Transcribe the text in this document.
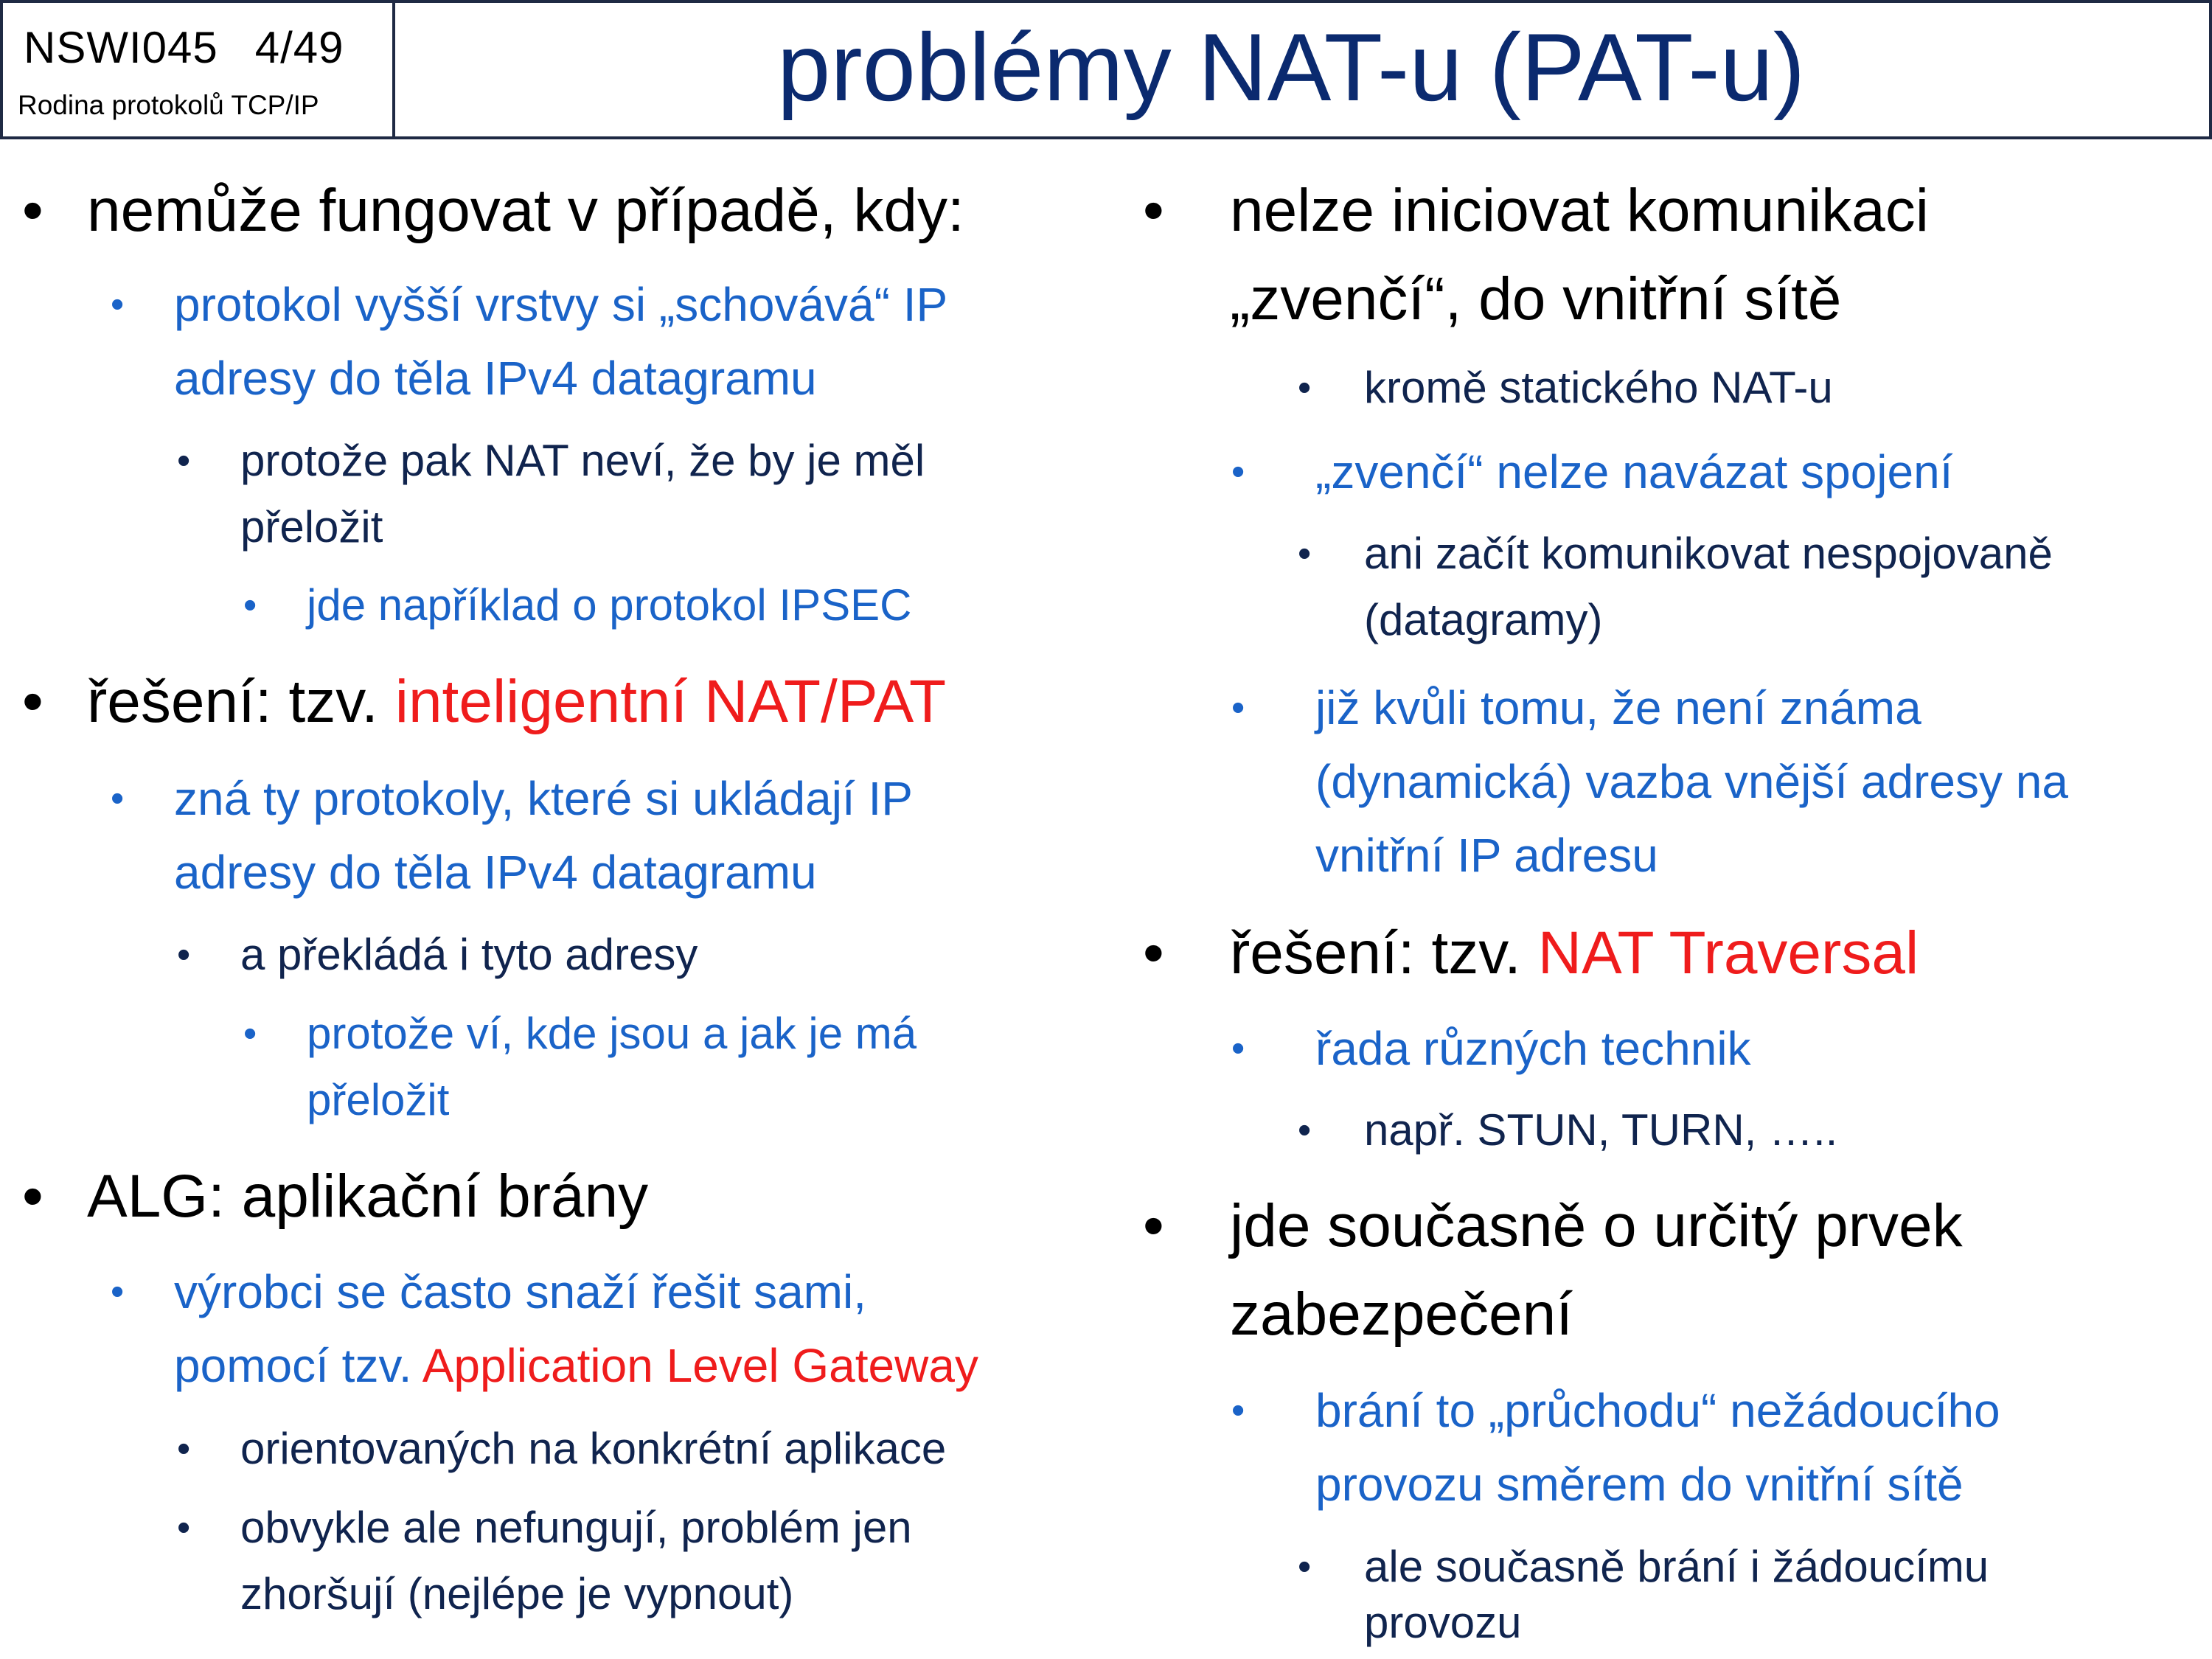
NSWI045 4/49
Rodina protokolů TCP/IP	problémy NAT-u (PAT-u)
• nemůže fungovat v případě, kdy:
• protokol vyšší vrstvy si „schovává“ IP
adresy do těla IPv4 datagramu
• protože pak NAT neví, že by je měl
přeložit
• jde například o protokol IPSEC
• řešení: tzv. inteligentní NAT/PAT
• zná ty protokoly, které si ukládají IP
adresy do těla IPv4 datagramu
• a překládá i tyto adresy
• protože ví, kde jsou a jak je má
přeložit
• ALG: aplikační brány
• výrobci se často snaží řešit sami,
pomocí tzv. Application Level Gateway
• orientovaných na konkrétní aplikace
• obvykle ale nefungují, problém jen
zhoršují (nejlépe je vypnout)
• nelze iniciovat komunikaci
„zvenčí“, do vnitřní sítě
• kromě statického NAT-u
• „zvenčí“ nelze navázat spojení
• ani začít komunikovat nespojovaně
(datagramy)
• již kvůli tomu, že není známa
(dynamická) vazba vnější adresy na
vnitřní IP adresu
• řešení: tzv. NAT Traversal
• řada různých technik
• např. STUN, TURN, …..
• jde současně o určitý prvek
zabezpečení
• brání to „průchodu“ nežádoucího
provozu směrem do vnitřní sítě
• ale současně brání i žádoucímu
provozu
